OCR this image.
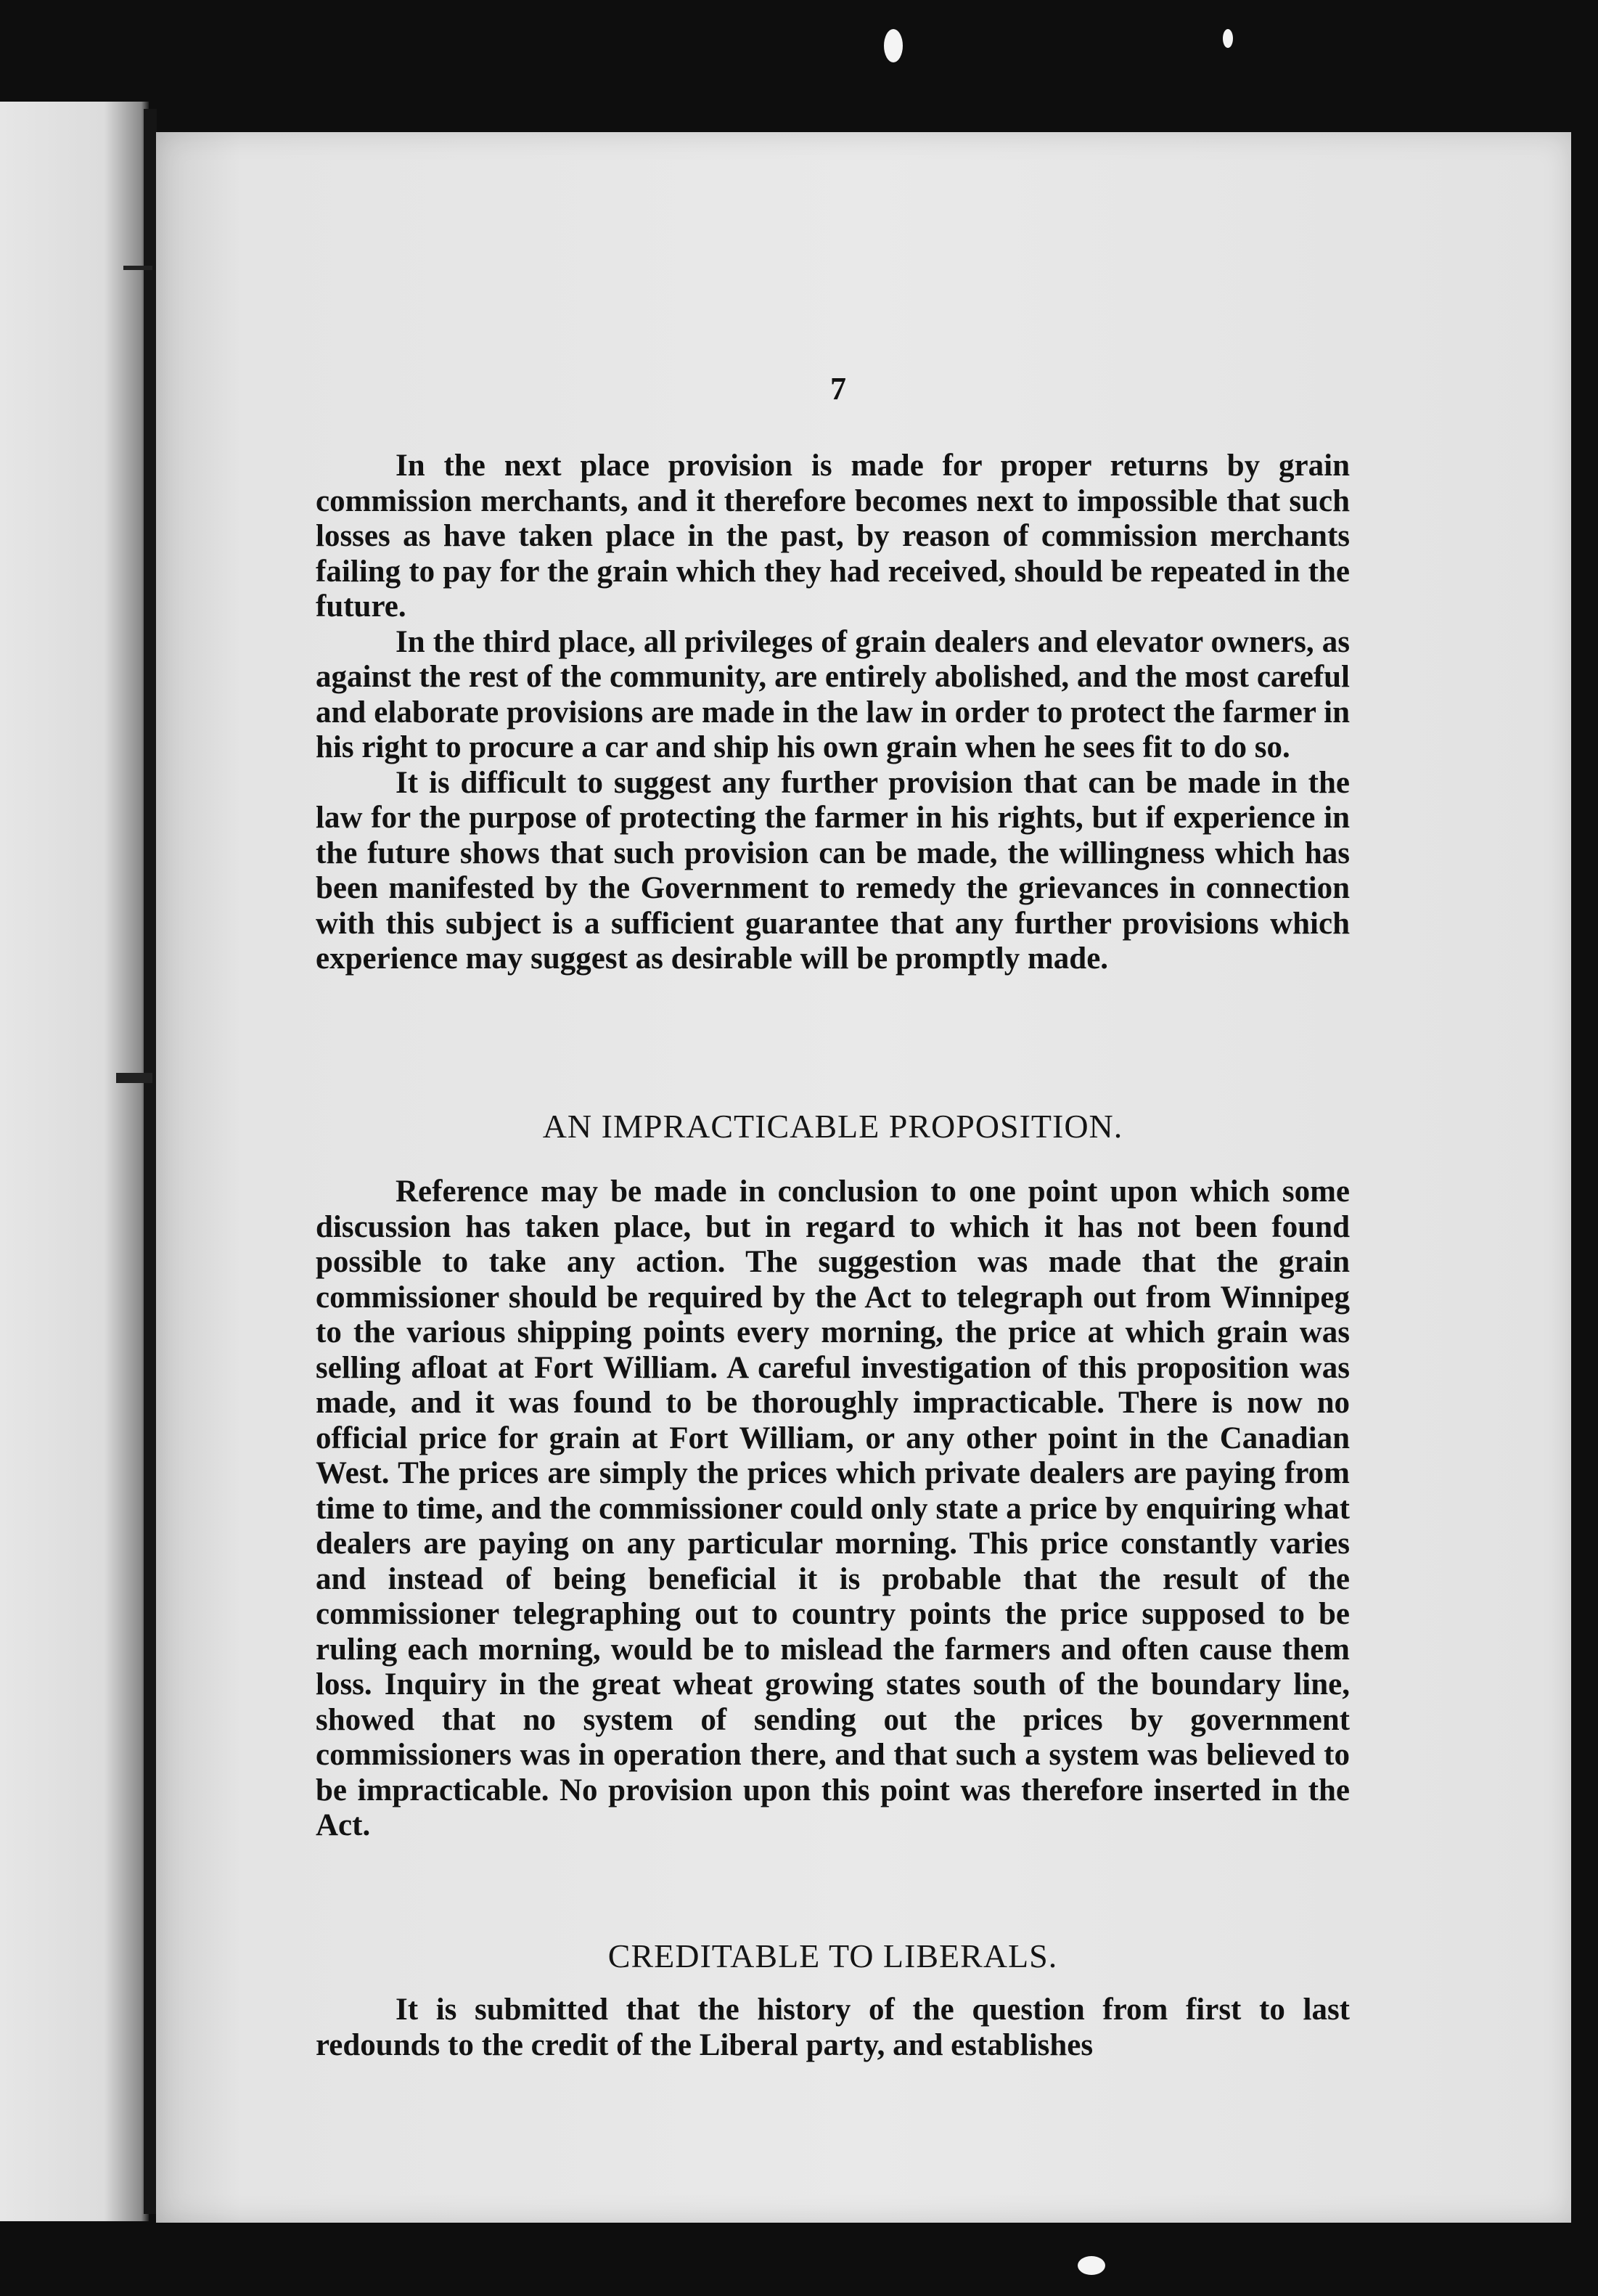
7

In the next place provision is made for proper returns by grain commission merchants, and it therefore becomes next to impossible that such losses as have taken place in the past, by reason of commission merchants failing to pay for the grain which they had received, should be repeated in the future.

In the third place, all privileges of grain dealers and elevator owners, as against the rest of the community, are entirely abolished, and the most careful and elaborate provisions are made in the law in order to protect the farmer in his right to procure a car and ship his own grain when he sees fit to do so.

It is difficult to suggest any further provision that can be made in the law for the purpose of protecting the farmer in his rights, but if experience in the future shows that such provision can be made, the willingness which has been manifested by the Government to remedy the grievances in connection with this subject is a sufficient guarantee that any further provisions which experience may suggest as desirable will be promptly made.

AN IMPRACTICABLE PROPOSITION.

Reference may be made in conclusion to one point upon which some discussion has taken place, but in regard to which it has not been found possible to take any action. The suggestion was made that the grain commissioner should be required by the Act to telegraph out from Winnipeg to the various shipping points every morning, the price at which grain was selling afloat at Fort William. A careful investigation of this proposition was made, and it was found to be thoroughly impracticable. There is now no official price for grain at Fort William, or any other point in the Canadian West. The prices are simply the prices which private dealers are paying from time to time, and the commissioner could only state a price by enquiring what dealers are paying on any particular morning. This price constantly varies and instead of being beneficial it is probable that the result of the commissioner telegraphing out to country points the price supposed to be ruling each morning, would be to mislead the farmers and often cause them loss. Inquiry in the great wheat growing states south of the boundary line, showed that no system of sending out the prices by government commissioners was in operation there, and that such a system was believed to be impracticable. No provision upon this point was therefore inserted in the Act.

CREDITABLE TO LIBERALS.

It is submitted that the history of the question from first to last redounds to the credit of the Liberal party, and establishes
